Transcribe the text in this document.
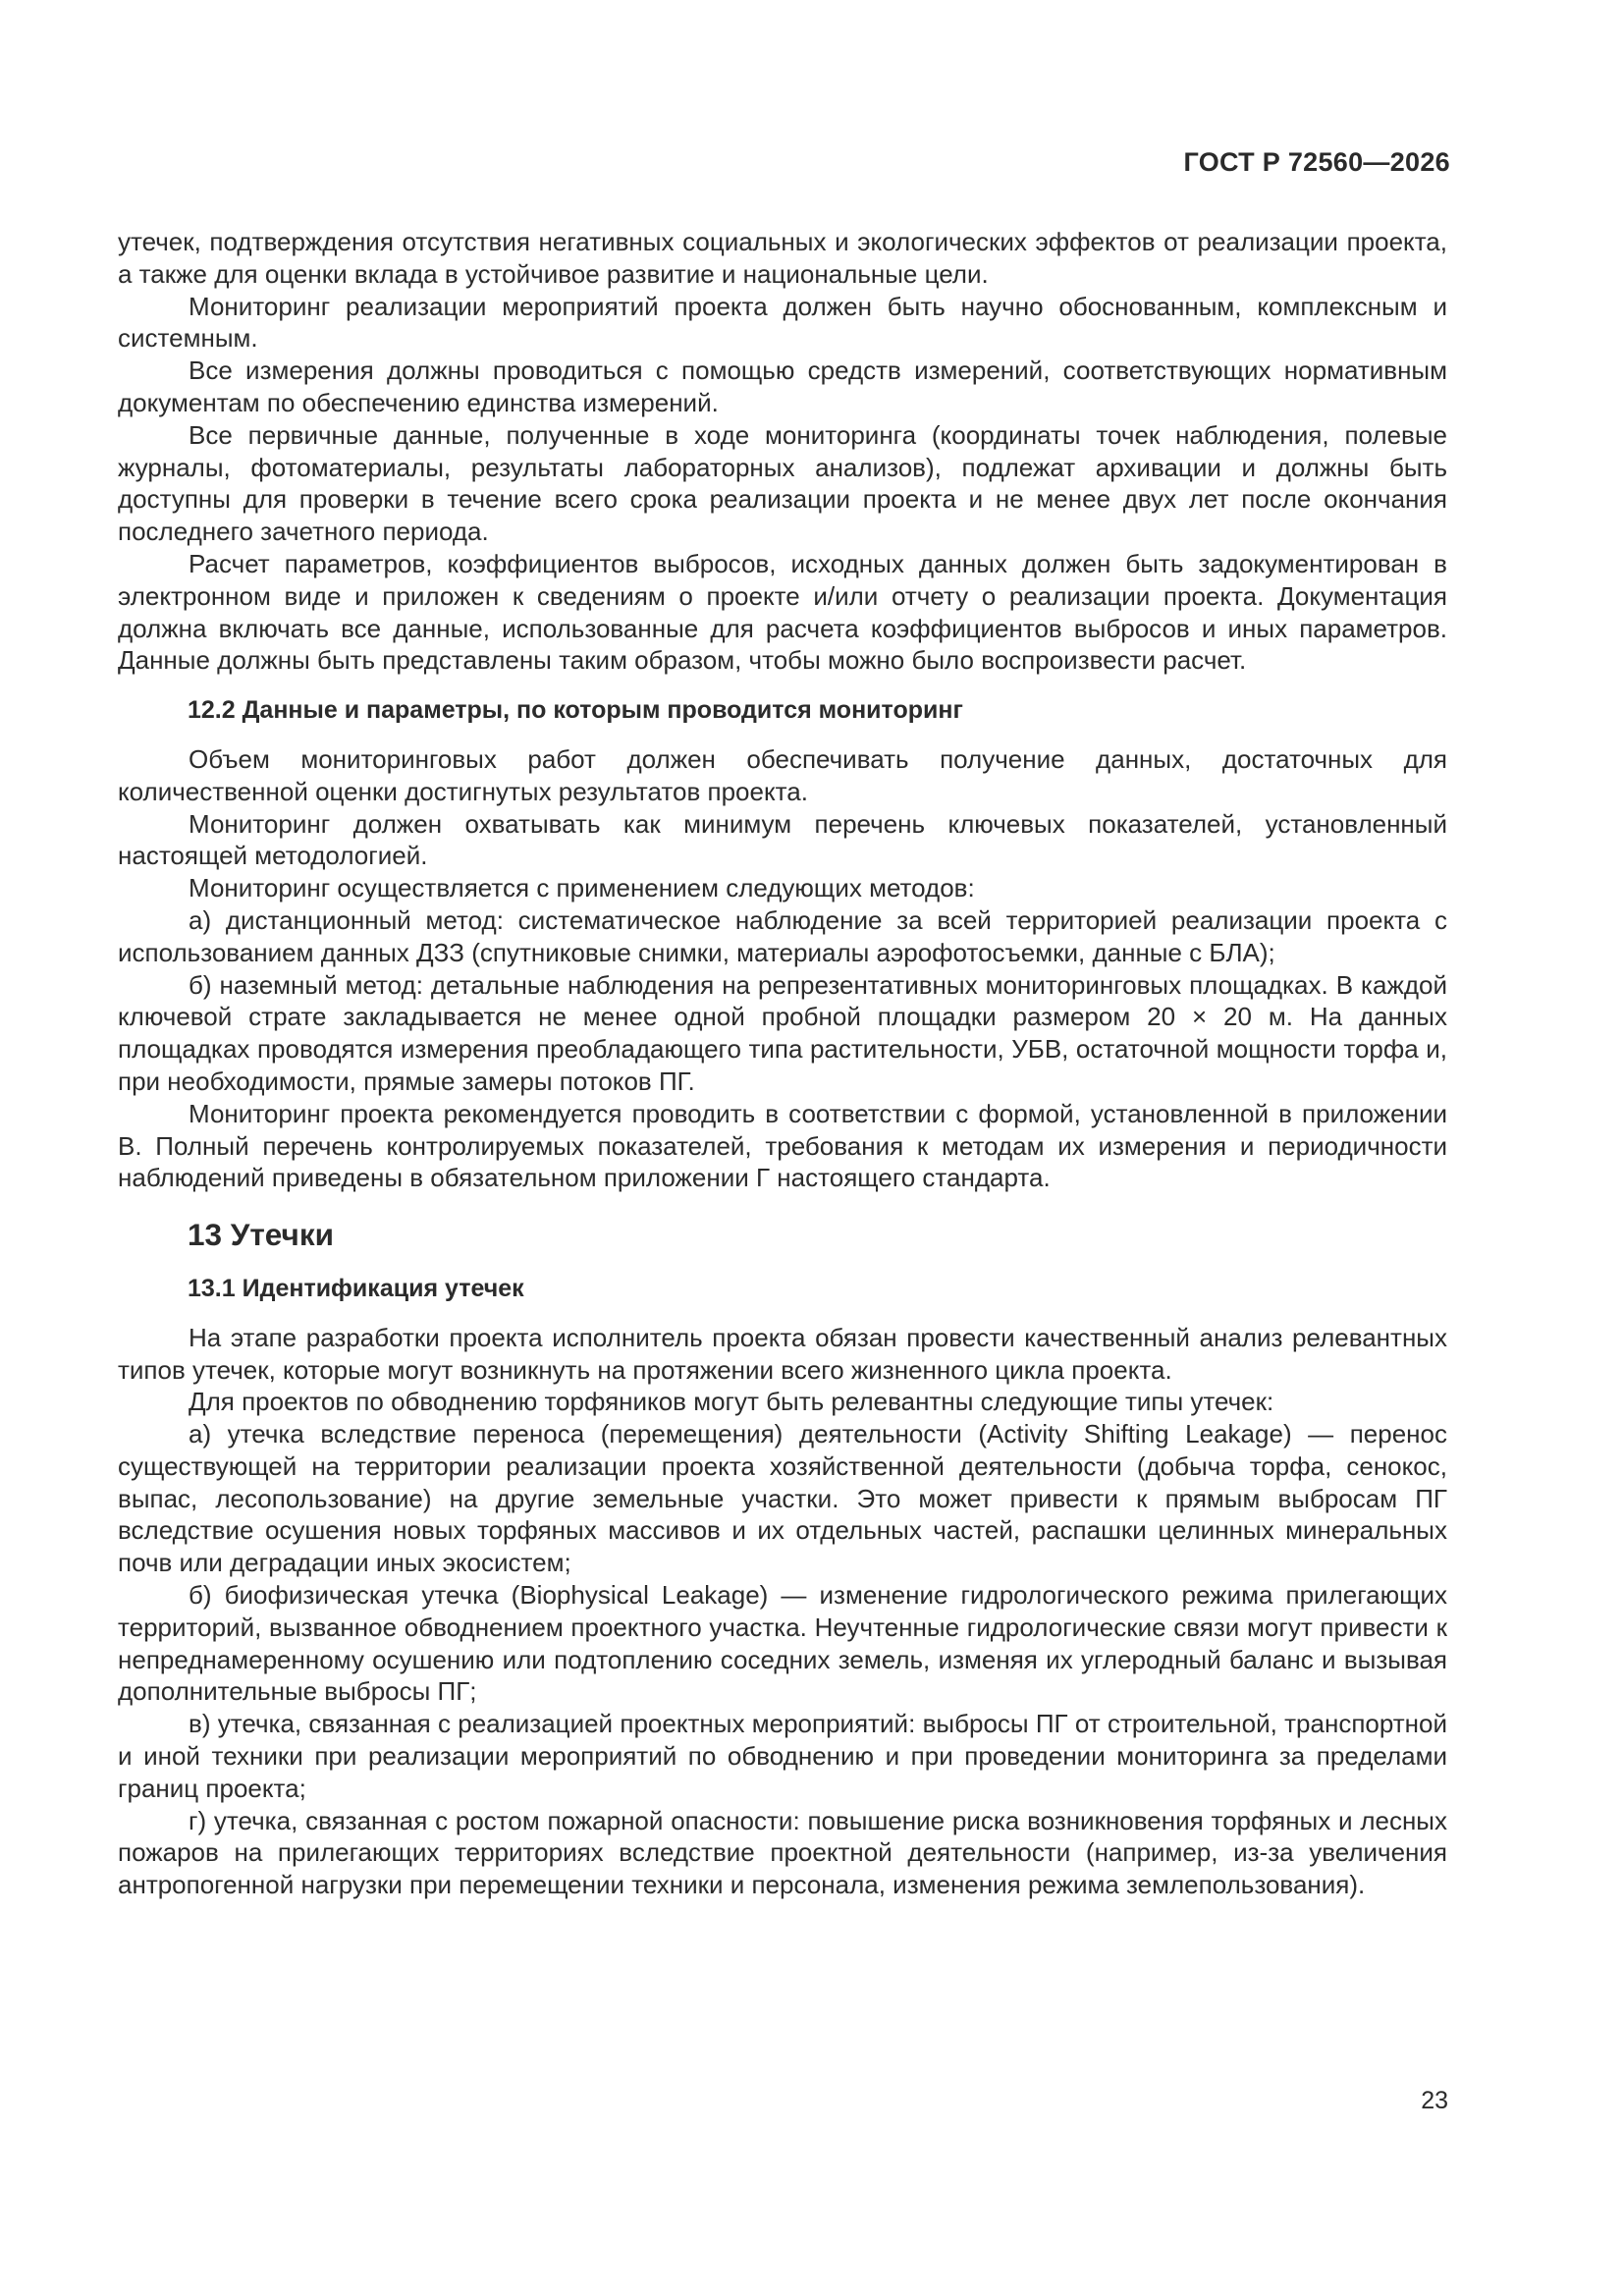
ГОСТ Р 72560—2026

утечек, подтверждения отсутствия негативных социальных и экологических эффектов от реализации проекта, а также для оценки вклада в устойчивое развитие и национальные цели.

Мониторинг реализации мероприятий проекта должен быть научно обоснованным, комплексным и системным.

Все измерения должны проводиться с помощью средств измерений, соответствующих нормативным документам по обеспечению единства измерений.

Все первичные данные, полученные в ходе мониторинга (координаты точек наблюдения, полевые журналы, фотоматериалы, результаты лабораторных анализов), подлежат архивации и должны быть доступны для проверки в течение всего срока реализации проекта и не менее двух лет после окончания последнего зачетного периода.

Расчет параметров, коэффициентов выбросов, исходных данных должен быть задокументирован в электронном виде и приложен к сведениям о проекте и/или отчету о реализации проекта. Документация должна включать все данные, использованные для расчета коэффициентов выбросов и иных параметров. Данные должны быть представлены таким образом, чтобы можно было воспроизвести расчет.

12.2 Данные и параметры, по которым проводится мониторинг

Объем мониторинговых работ должен обеспечивать получение данных, достаточных для количественной оценки достигнутых результатов проекта.

Мониторинг должен охватывать как минимум перечень ключевых показателей, установленный настоящей методологией.

Мониторинг осуществляется с применением следующих методов:

а) дистанционный метод: систематическое наблюдение за всей территорией реализации проекта с использованием данных ДЗЗ (спутниковые снимки, материалы аэрофотосъемки, данные с БЛА);

б) наземный метод: детальные наблюдения на репрезентативных мониторинговых площадках. В каждой ключевой страте закладывается не менее одной пробной площадки размером 20 × 20 м. На данных площадках проводятся измерения преобладающего типа растительности, УБВ, остаточной мощности торфа и, при необходимости, прямые замеры потоков ПГ.

Мониторинг проекта рекомендуется проводить в соответствии с формой, установленной в приложении В. Полный перечень контролируемых показателей, требования к методам их измерения и периодичности наблюдений приведены в обязательном приложении Г настоящего стандарта.

13 Утечки
13.1 Идентификация утечек

На этапе разработки проекта исполнитель проекта обязан провести качественный анализ релевантных типов утечек, которые могут возникнуть на протяжении всего жизненного цикла проекта.

Для проектов по обводнению торфяников могут быть релевантны следующие типы утечек:

а) утечка вследствие переноса (перемещения) деятельности (Activity Shifting Leakage) — перенос существующей на территории реализации проекта хозяйственной деятельности (добыча торфа, сенокос, выпас, лесопользование) на другие земельные участки. Это может привести к прямым выбросам ПГ вследствие осушения новых торфяных массивов и их отдельных частей, распашки целинных минеральных почв или деградации иных экосистем;

б) биофизическая утечка (Biophysical Leakage) — изменение гидрологического режима прилегающих территорий, вызванное обводнением проектного участка. Неучтенные гидрологические связи могут привести к непреднамеренному осушению или подтоплению соседних земель, изменяя их углеродный баланс и вызывая дополнительные выбросы ПГ;

в) утечка, связанная с реализацией проектных мероприятий: выбросы ПГ от строительной, транспортной и иной техники при реализации мероприятий по обводнению и при проведении мониторинга за пределами границ проекта;

г) утечка, связанная с ростом пожарной опасности: повышение риска возникновения торфяных и лесных пожаров на прилегающих территориях вследствие проектной деятельности (например, из-за увеличения антропогенной нагрузки при перемещении техники и персонала, изменения режима землепользования).

23
